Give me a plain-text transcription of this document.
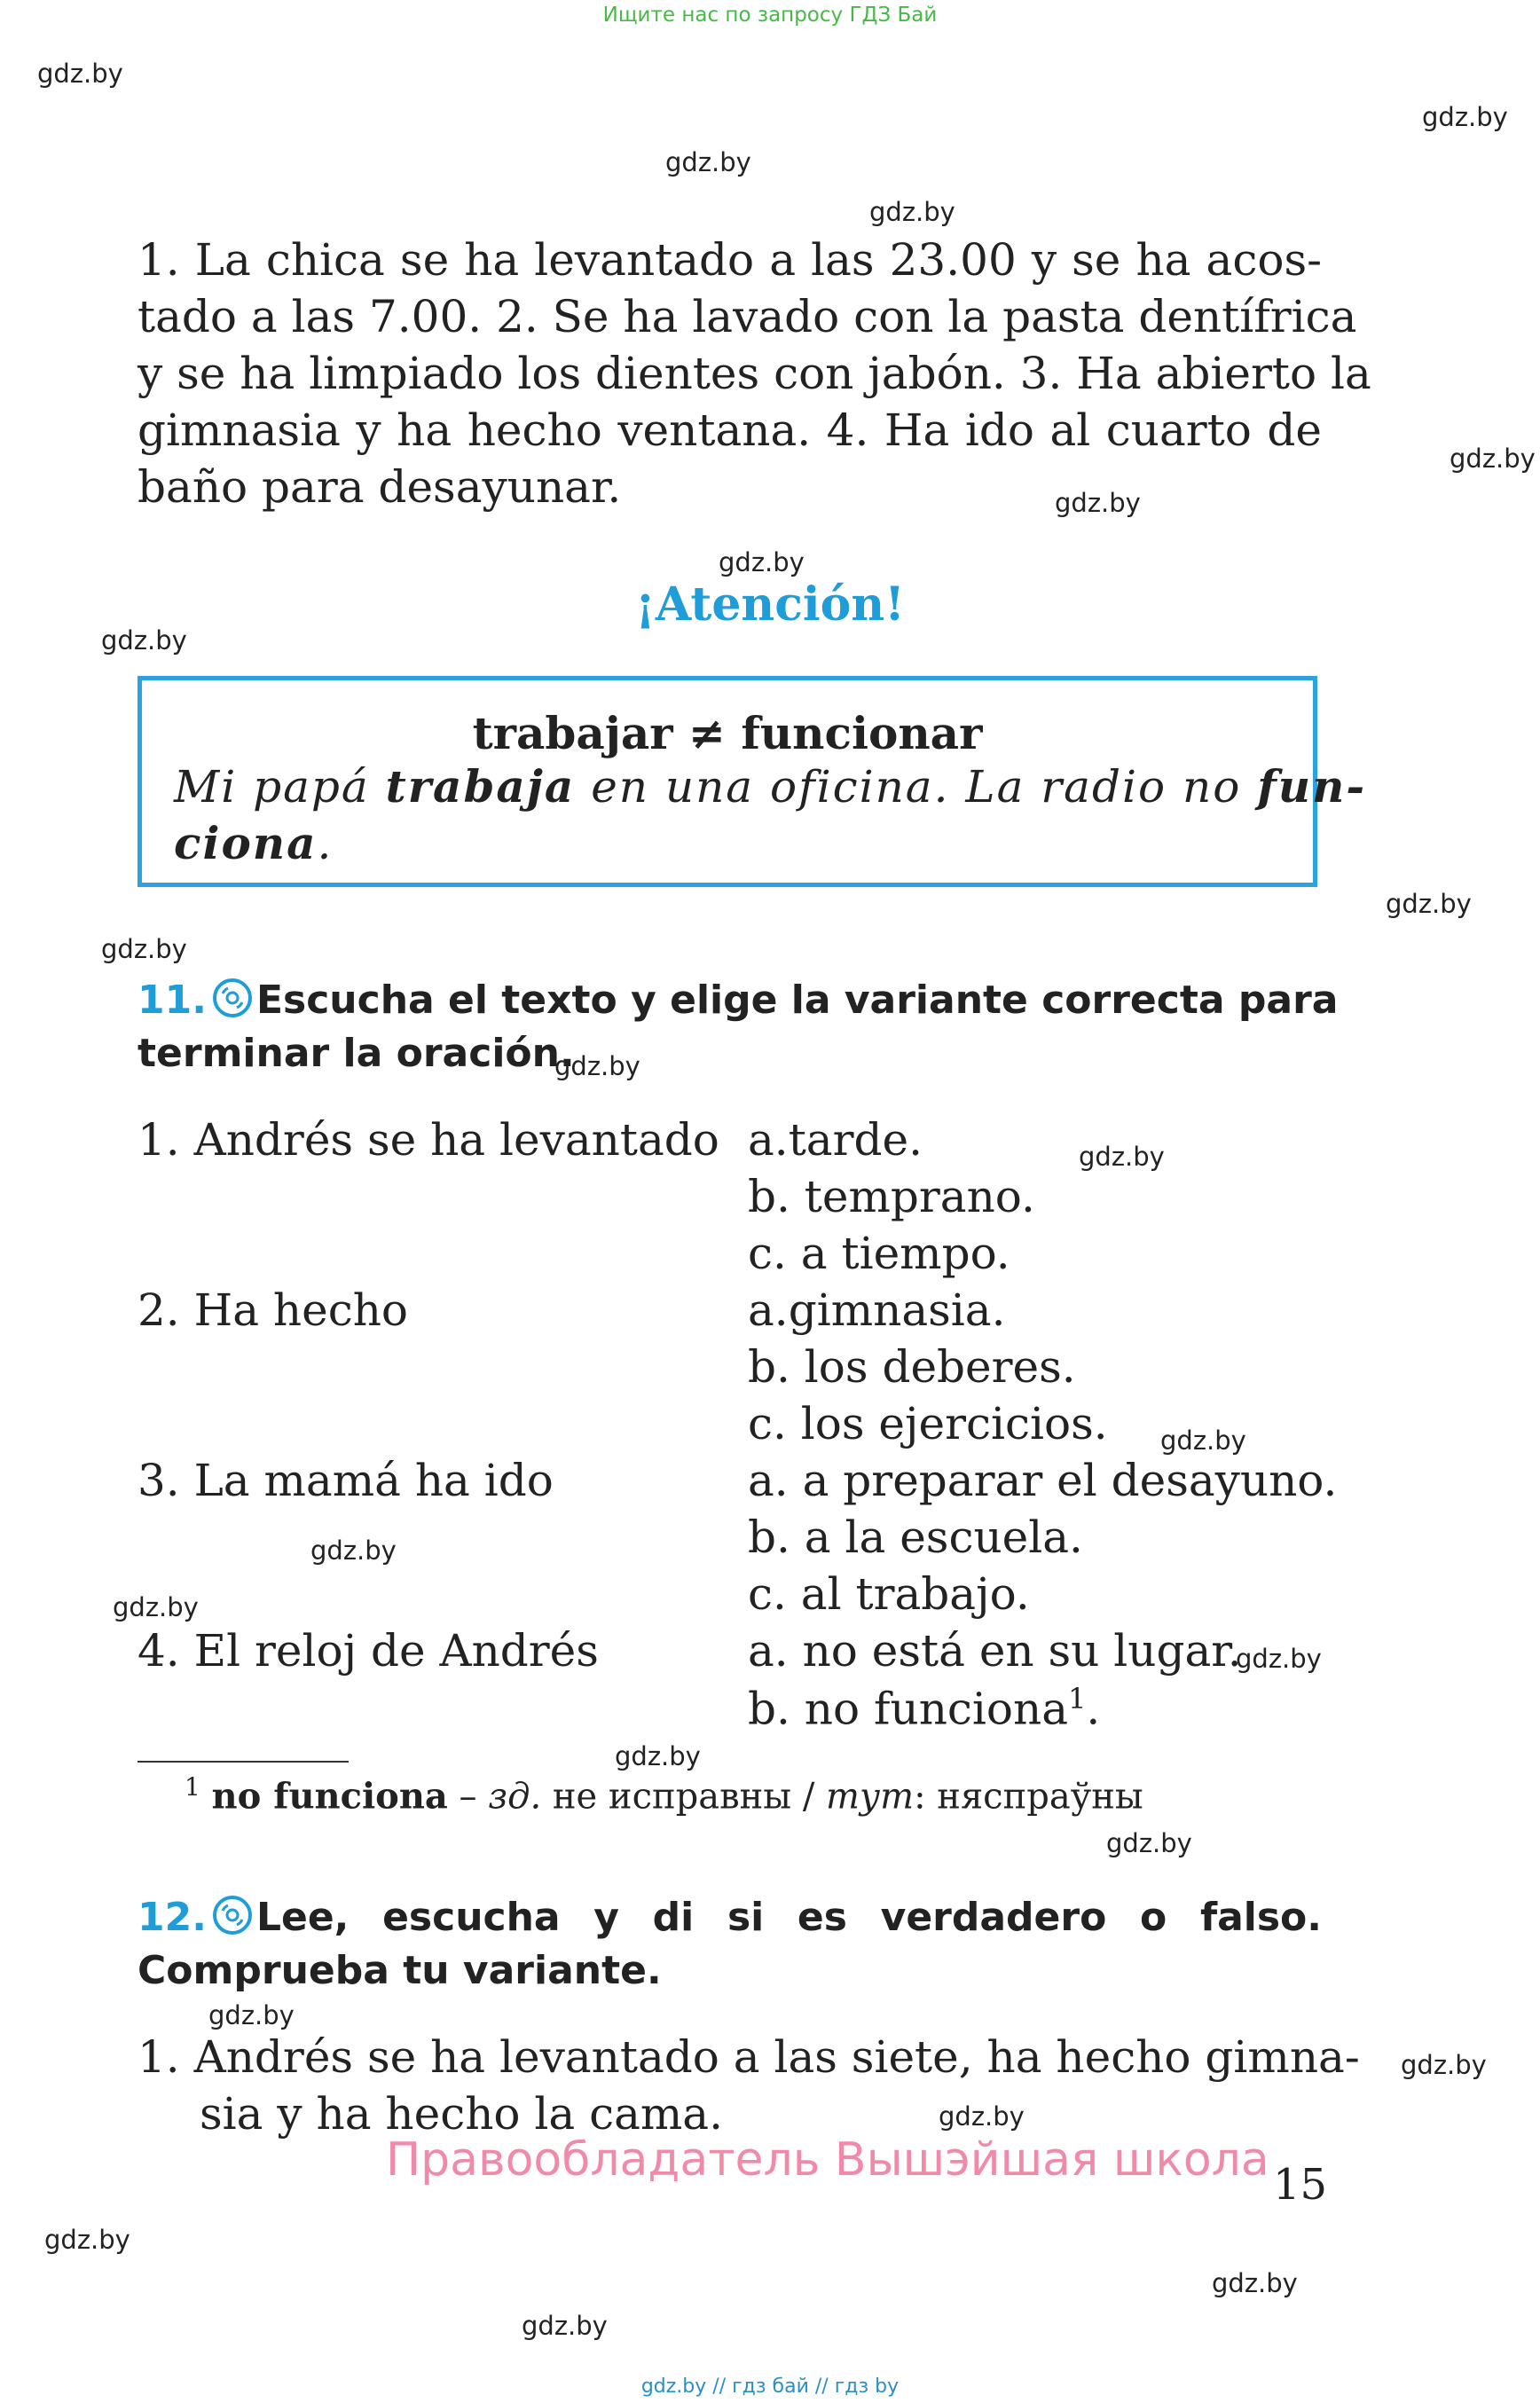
Ищите нас по запросу ГДЗ Бай
gdz.by
gdz.by
gdz.by
gdz.by
gdz.by
gdz.by
gdz.by
gdz.by
gdz.by
gdz.by
gdz.by
gdz.by
gdz.by
gdz.by
gdz.by
gdz.by
gdz.by
gdz.by
gdz.by
gdz.by
gdz.by
gdz.by
gdz.by
gdz.by

1. La chica se ha levantado a las 23.00 y se ha acos-

tado a las 7.00. 2. Se ha lavado con la pasta dentífrica

y se ha limpiado los dientes con jabón. 3. Ha abierto la

gimnasia y ha hecho ventana. 4. Ha ido al cuarto de

baño para desayunar.

¡Atención!
trabajar ≠ funcionar

Mi papá trabaja en una oficina. La radio no fun-

ciona.

11. Escucha el texto y elige la variante correcta para
terminar la oración.
1. Andrés se ha levantado
2. Ha hecho
3. La mamá ha ido
4. El reloj de Andrés
a.tarde.
b. temprano.
c. a tiempo.
a.gimnasia.
b. los deberes.
c. los ejercicios.
a. a preparar el desayuno.
b. a la escuela.
c. al trabajo.
a. no está en su lugar.
b. no funciona$^1$.
$^1$ no funciona – зд. не исправны / тут: няспраўны
12. Lee, escucha y di si es verdadero o falso.
Comprueba tu variante.
1. Andrés se ha levantado a las siete, ha hecho gimna-
sia y ha hecho la cama.
Правообладатель Вышэйшая школа 15
gdz.by // гдз бай // гдз by
